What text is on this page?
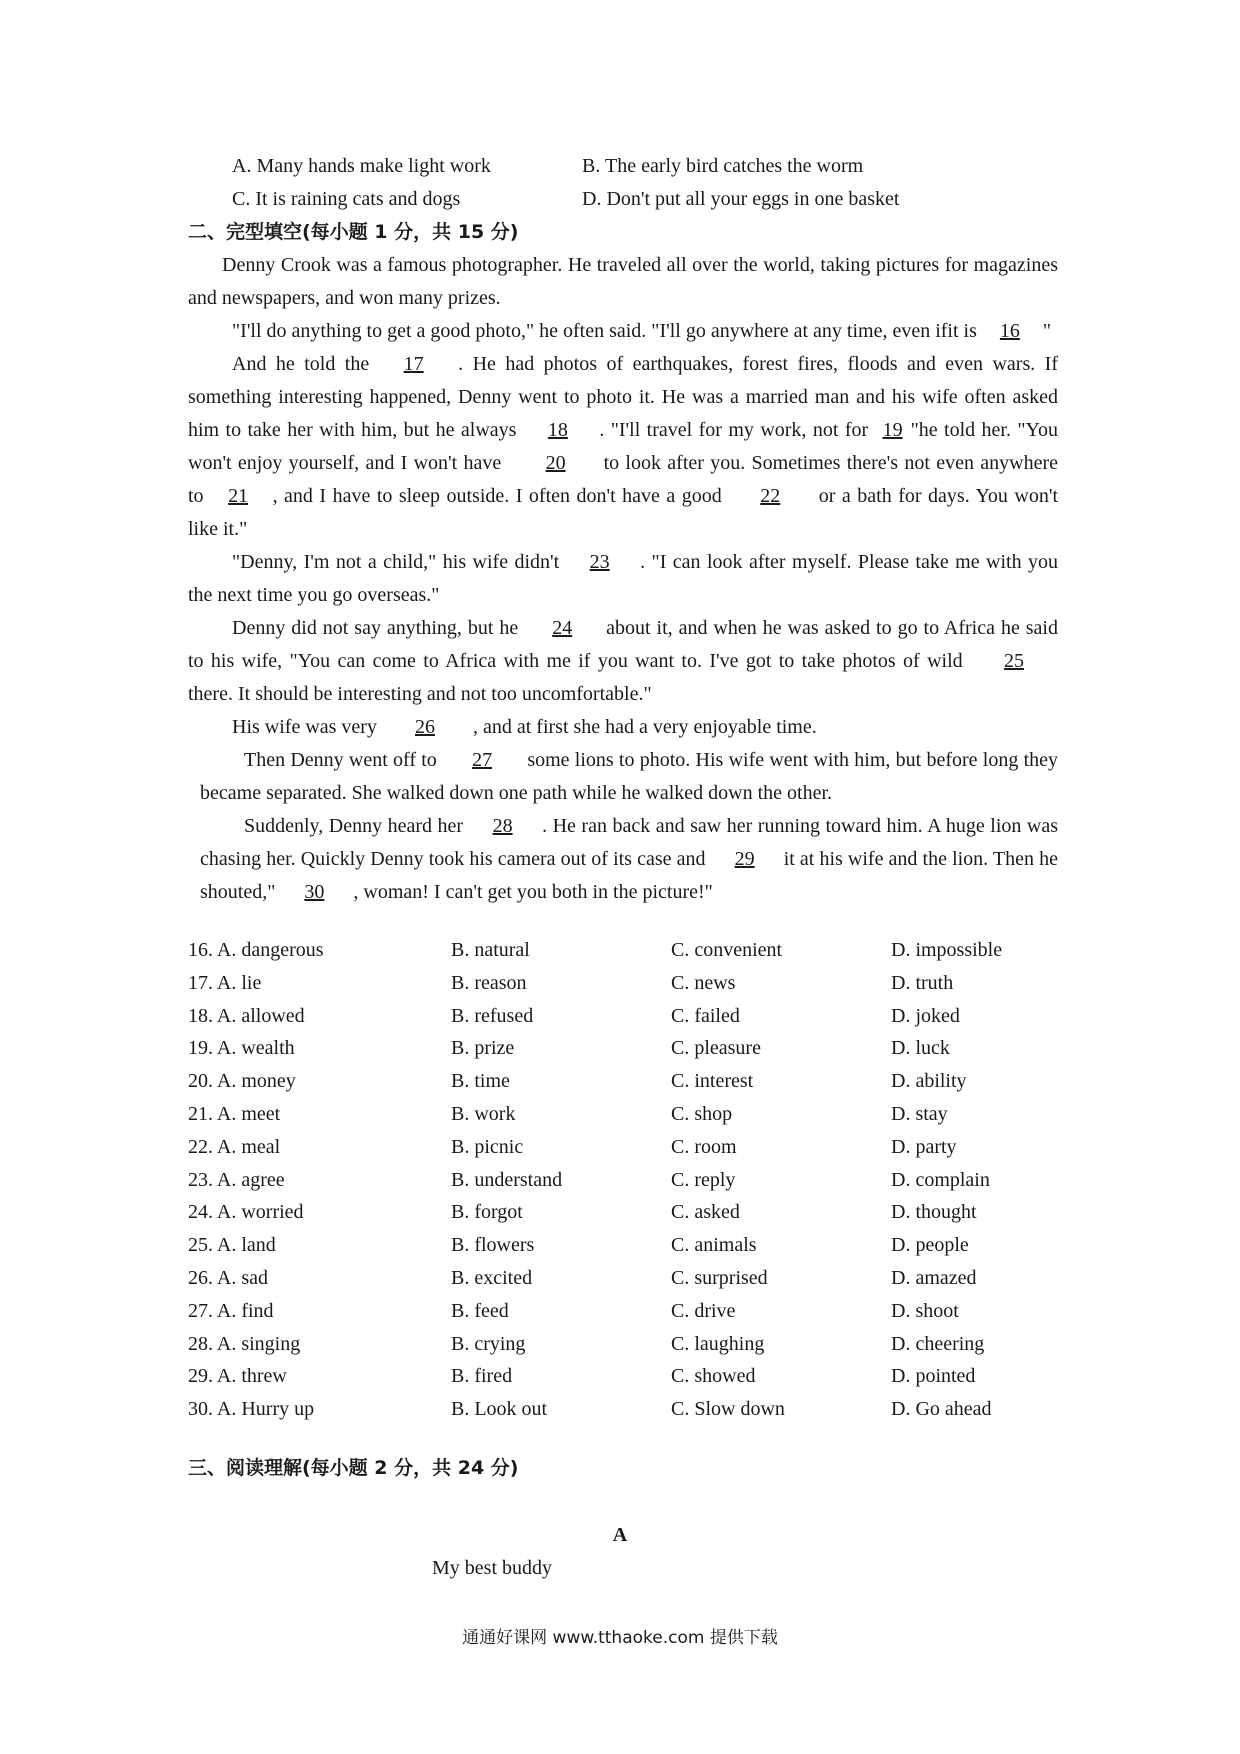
A. Many hands make light work	B. The early bird catches the worm
C. It is raining cats and dogs	D. Don't put all your eggs in one basket
二、完型填空(每小题 1 分，共 15 分)

Denny Crook was a famous photographer. He traveled all over the world, taking pictures for magazines and newspapers, and won many prizes.

"I'll do anything to get a good photo," he often said. "I'll go anywhere at any time, even ifit is 16 "

And he told the 17 . He had photos of earthquakes, forest fires, floods and even wars. If something interesting happened, Denny went to photo it. He was a married man and his wife often asked him to take her with him, but he always 18 . "I'll travel for my work, not for 19 "he told her. "You won't enjoy yourself, and I won't have 20 to look after you. Sometimes there's not even anywhere to 21 , and I have to sleep outside. I often don't have a good 22 or a bath for days. You won't like it."

"Denny, I'm not a child," his wife didn't 23 . "I can look after myself. Please take me with you the next time you go overseas."

Denny did not say anything, but he 24 about it, and when he was asked to go to Africa he said to his wife, "You can come to Africa with me if you want to. I've got to take photos of wild 25 there. It should be interesting and not too uncomfortable."

His wife was very 26 , and at first she had a very enjoyable time.

Then Denny went off to 27 some lions to photo. His wife went with him, but before long they became separated. She walked down one path while he walked down the other.

Suddenly, Denny heard her 28 . He ran back and saw her running toward him. A huge lion was chasing her. Quickly Denny took his camera out of its case and 29 it at his wife and the lion. Then he shouted," 30 , woman! I can't get you both in the picture!"

16. A. dangerous	B. natural	C. convenient	D. impossible
17. A. lie	B. reason	C. news	D. truth
18. A. allowed	B. refused	C. failed	D. joked
19. A. wealth	B. prize	C. pleasure	D. luck
20. A. money	B. time	C. interest	D. ability
21. A. meet	B. work	C. shop	D. stay
22. A. meal	B. picnic	C. room	D. party
23. A. agree	B. understand	C. reply	D. complain
24. A. worried	B. forgot	C. asked	D. thought
25. A. land	B. flowers	C. animals	D. people
26. A. sad	B. excited	C. surprised	D. amazed
27. A. find	B. feed	C. drive	D. shoot
28. A. singing	B. crying	C. laughing	D. cheering
29. A. threw	B. fired	C. showed	D. pointed
30. A. Hurry up	B. Look out	C. Slow down	D. Go ahead
三、阅读理解(每小题 2 分，共 24 分)
A
My best buddy
通通好课网 www.tthaoke.com 提供下载
